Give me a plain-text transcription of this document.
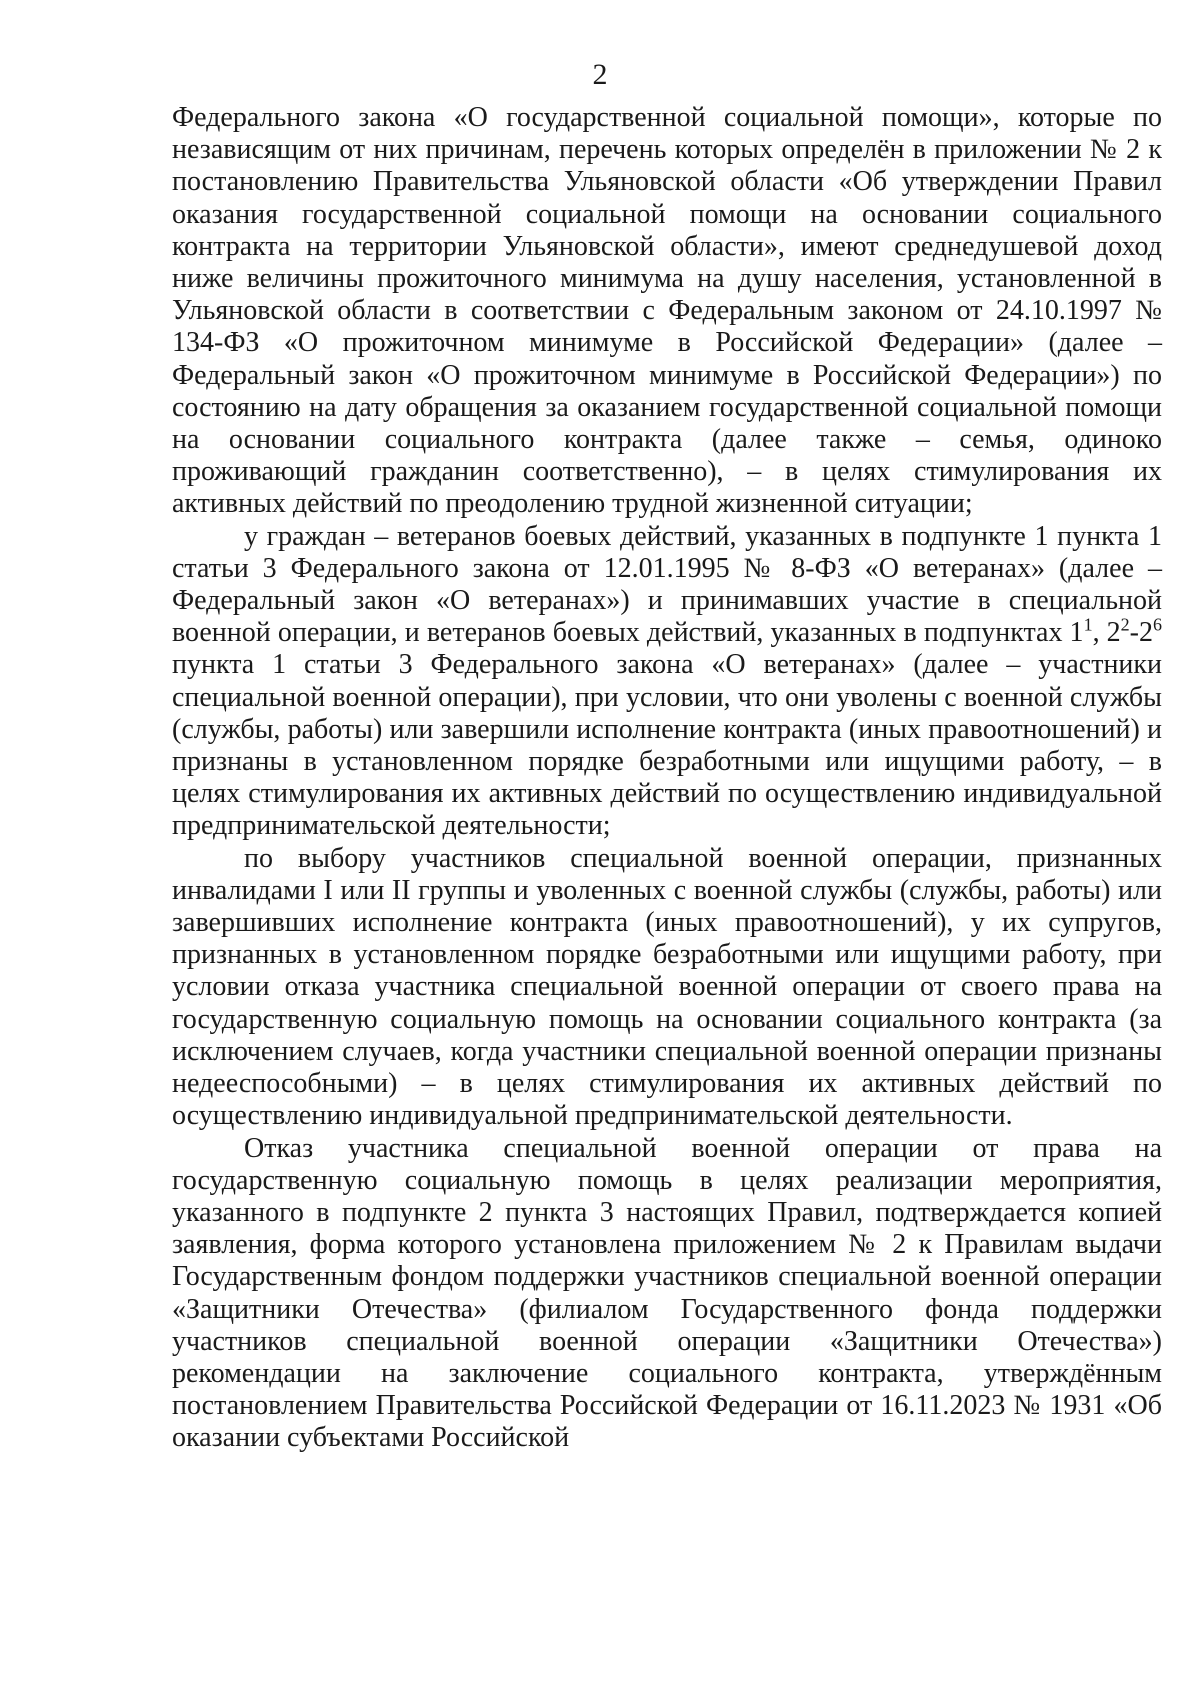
2

Федерального закона «О государственной социальной помощи», которые по независящим от них причинам, перечень которых определён в приложении № 2 к постановлению Правительства Ульяновской области «Об утверждении Правил оказания государственной социальной помощи на основании социального контракта на территории Ульяновской области», имеют среднедушевой доход ниже величины прожиточного минимума на душу населения, установленной в Ульяновской области в соответствии с Федеральным законом от 24.10.1997 № 134-ФЗ «О прожиточном минимуме в Российской Федерации» (далее – Федеральный закон «О прожиточном минимуме в Российской Федерации») по состоянию на дату обращения за оказанием государственной социальной помощи на основании социального контракта (далее также – семья, одиноко проживающий гражданин соответственно), – в целях стимулирования их активных действий по преодолению трудной жизненной ситуации;

у граждан – ветеранов боевых действий, указанных в подпункте 1 пункта 1 статьи 3 Федерального закона от 12.01.1995 № 8-ФЗ «О ветеранах» (далее – Федеральный закон «О ветеранах») и принимавших участие в специальной военной операции, и ветеранов боевых действий, указанных в подпунктах $1^1$, $2^2-2^6$ пункта 1 статьи 3 Федерального закона «О ветеранах» (далее – участники специальной военной операции), при условии, что они уволены с военной службы (службы, работы) или завершили исполнение контракта (иных правоотношений) и признаны в установленном порядке безработными или ищущими работу, – в целях стимулирования их активных действий по осуществлению индивидуальной предпринимательской деятельности;

по выбору участников специальной военной операции, признанных инвалидами I или II группы и уволенных с военной службы (службы, работы) или завершивших исполнение контракта (иных правоотношений), у их супругов, признанных в установленном порядке безработными или ищущими работу, при условии отказа участника специальной военной операции от своего права на государственную социальную помощь на основании социального контракта (за исключением случаев, когда участники специальной военной операции признаны недееспособными) – в целях стимулирования их активных действий по осуществлению индивидуальной предпринимательской деятельности.

Отказ участника специальной военной операции от права на государственную социальную помощь в целях реализации мероприятия, указанного в подпункте 2 пункта 3 настоящих Правил, подтверждается копией заявления, форма которого установлена приложением № 2 к Правилам выдачи Государственным фондом поддержки участников специальной военной операции «Защитники Отечества» (филиалом Государственного фонда поддержки участников специальной военной операции «Защитники Отечества») рекомендации на заключение социального контракта, утверждённым постановлением Правительства Российской Федерации от 16.11.2023 № 1931 «Об оказании субъектами Российской
